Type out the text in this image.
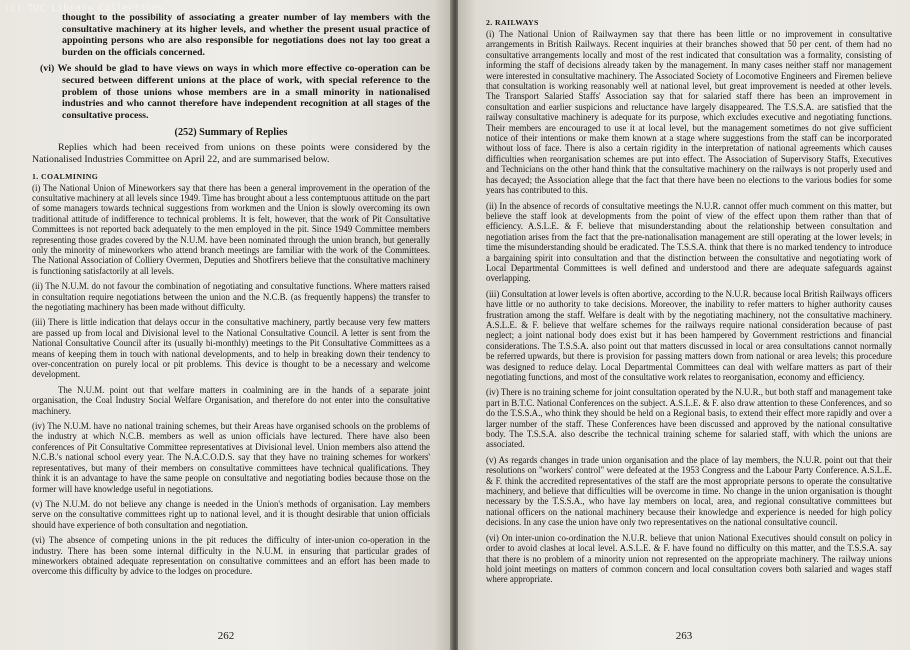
(c) TUC Library Collections

thought to the possibility of associating a greater number of lay members with the consultative machinery at its higher levels, and whether the present usual practice of appointing persons who are also responsible for negotiations does not lay too great a burden on the officials concerned.

(vi) We should be glad to have views on ways in which more effective co-operation can be secured between different unions at the place of work, with special reference to the problem of those unions whose members are in a small minority in nationalised industries and who cannot therefore have independent recognition at all stages of the consultative process.

(252) Summary of Replies

Replies which had been received from unions on these points were considered by the Nationalised Industries Committee on April 22, and are summarised below.

1. COALMINING

(i) The National Union of Mineworkers say that there has been a general improvement in the operation of the consultative machinery at all levels since 1949. Time has brought about a less contemptuous attitude on the part of some managers towards technical suggestions from workmen and the Union is slowly overcoming its own traditional attitude of indifference to technical problems. It is felt, however, that the work of Pit Consultative Committees is not reported back adequately to the men employed in the pit. Since 1949 Committee members representing those grades covered by the N.U.M. have been nominated through the union branch, but generally only the minority of mineworkers who attend branch meetings are familiar with the work of the Committees. The National Association of Colliery Overmen, Deputies and Shotfirers believe that the consultative machinery is functioning satisfactorily at all levels.

(ii) The N.U.M. do not favour the combination of negotiating and consultative functions. Where matters raised in consultation require negotiations between the union and the N.C.B. (as frequently happens) the transfer to the negotiating machinery has been made without difficulty.

(iii) There is little indication that delays occur in the consultative machinery, partly because very few matters are passed up from local and Divisional level to the National Consultative Council. A letter is sent from the National Consultative Council after its (usually bi-monthly) meetings to the Pit Consultative Committees as a means of keeping them in touch with national developments, and to help in breaking down their tendency to over-concentration on purely local or pit problems. This device is thought to be a necessary and welcome development.

The N.U.M. point out that welfare matters in coalmining are in the hands of a separate joint organisation, the Coal Industry Social Welfare Organisation, and therefore do not enter into the consultative machinery.

(iv) The N.U.M. have no national training schemes, but their Areas have organised schools on the problems of the industry at which N.C.B. members as well as union officials have lectured. There have also been conferences of Pit Consultative Committee representatives at Divisional level. Union members also attend the N.C.B.'s national school every year. The N.A.C.O.D.S. say that they have no training schemes for workers' representatives, but many of their members on consultative committees have technical qualifications. They think it is an advantage to have the same people on consultative and negotiating bodies because those on the former will have knowledge useful in negotiations.

(v) The N.U.M. do not believe any change is needed in the Union's methods of organisation. Lay members serve on the consultative committees right up to national level, and it is thought desirable that union officials should have experience of both consultation and negotiation.

(vi) The absence of competing unions in the pit reduces the difficulty of inter-union co-operation in the industry. There has been some internal difficulty in the N.U.M. in ensuring that particular grades of mineworkers obtained adequate representation on consultative committees and an effort has been made to overcome this difficulty by advice to the lodges on procedure.

262
2. RAILWAYS

(i) The National Union of Railwaymen say that there has been little or no improvement in consultative arrangements in British Railways. Recent inquiries at their branches showed that 50 per cent. of them had no consultative arrangements locally and most of the rest indicated that consultation was a formality, consisting of informing the staff of decisions already taken by the management. In many cases neither staff nor management were interested in consultative machinery. The Associated Society of Locomotive Engineers and Firemen believe that consultation is working reasonably well at national level, but great improvement is needed at other levels. The Transport Salaried Staffs' Association say that for salaried staff there has been an improvement in consultation and earlier suspicions and reluctance have largely disappeared. The T.S.S.A. are satisfied that the railway consultative machinery is adequate for its purpose, which excludes executive and negotiating functions. Their members are encouraged to use it at local level, but the management sometimes do not give sufficient notice of their intentions or make them known at a stage where suggestions from the staff can be incorporated without loss of face. There is also a certain rigidity in the interpretation of national agreements which causes difficulties when reorganisation schemes are put into effect. The Association of Supervisory Staffs, Executives and Technicians on the other hand think that the consultative machinery on the railways is not properly used and has decayed; the Association allege that the fact that there have been no elections to the various bodies for some years has contributed to this.

(ii) In the absence of records of consultative meetings the N.U.R. cannot offer much comment on this matter, but believe the staff look at developments from the point of view of the effect upon them rather than that of efficiency. A.S.L.E. & F. believe that misunderstanding about the relationship between consultation and negotiation arises from the fact that the pre-nationalisation management are still operating at the lower levels; in time the misunderstanding should be eradicated. The T.S.S.A. think that there is no marked tendency to introduce a bargaining spirit into consultation and that the distinction between the consultative and negotiating work of Local Departmental Committees is well defined and understood and there are adequate safeguards against overlapping.

(iii) Consultation at lower levels is often abortive, according to the N.U.R. because local British Railways officers have little or no authority to take decisions. Moreover, the inability to refer matters to higher authority causes frustration among the staff. Welfare is dealt with by the negotiating machinery, not the consultative machinery. A.S.L.E. & F. believe that welfare schemes for the railways require national consideration because of past neglect; a joint national body does exist but it has been hampered by Government restrictions and financial considerations. The T.S.S.A. also point out that matters discussed in local or area consultations cannot normally be referred upwards, but there is provision for passing matters down from national or area levels; this procedure was designed to reduce delay. Local Departmental Committees can deal with welfare matters as part of their negotiating functions, and most of the consultative work relates to reorganisation, economy and efficiency.

(iv) There is no training scheme for joint consultation operated by the N.U.R., but both staff and management take part in B.T.C. National Conferences on the subject. A.S.L.E. & F. also draw attention to these Conferences, and so do the T.S.S.A., who think they should be held on a Regional basis, to extend their effect more rapidly and over a larger number of the staff. These Conferences have been discussed and approved by the national consultative body. The T.S.S.A. also describe the technical training scheme for salaried staff, with which the unions are associated.

(v) As regards changes in trade union organisation and the place of lay members, the N.U.R. point out that their resolutions on "workers' control" were defeated at the 1953 Congress and the Labour Party Conference. A.S.L.E. & F. think the accredited representatives of the staff are the most appropriate persons to operate the consultative machinery, and believe that difficulties will be overcome in time. No change in the union organisation is thought necessary by the T.S.S.A., who have lay members on local, area, and regional consultative committees but national officers on the national machinery because their knowledge and experience is needed for high policy decisions. In any case the union have only two representatives on the national consultative council.

(vi) On inter-union co-ordination the N.U.R. believe that union National Executives should consult on policy in order to avoid clashes at local level. A.S.L.E. & F. have found no difficulty on this matter, and the T.S.S.A. say that there is no problem of a minority union not represented on the appropriate machinery. The railway unions hold joint meetings on matters of common concern and local consultation covers both salaried and wages staff where appropriate.

263
